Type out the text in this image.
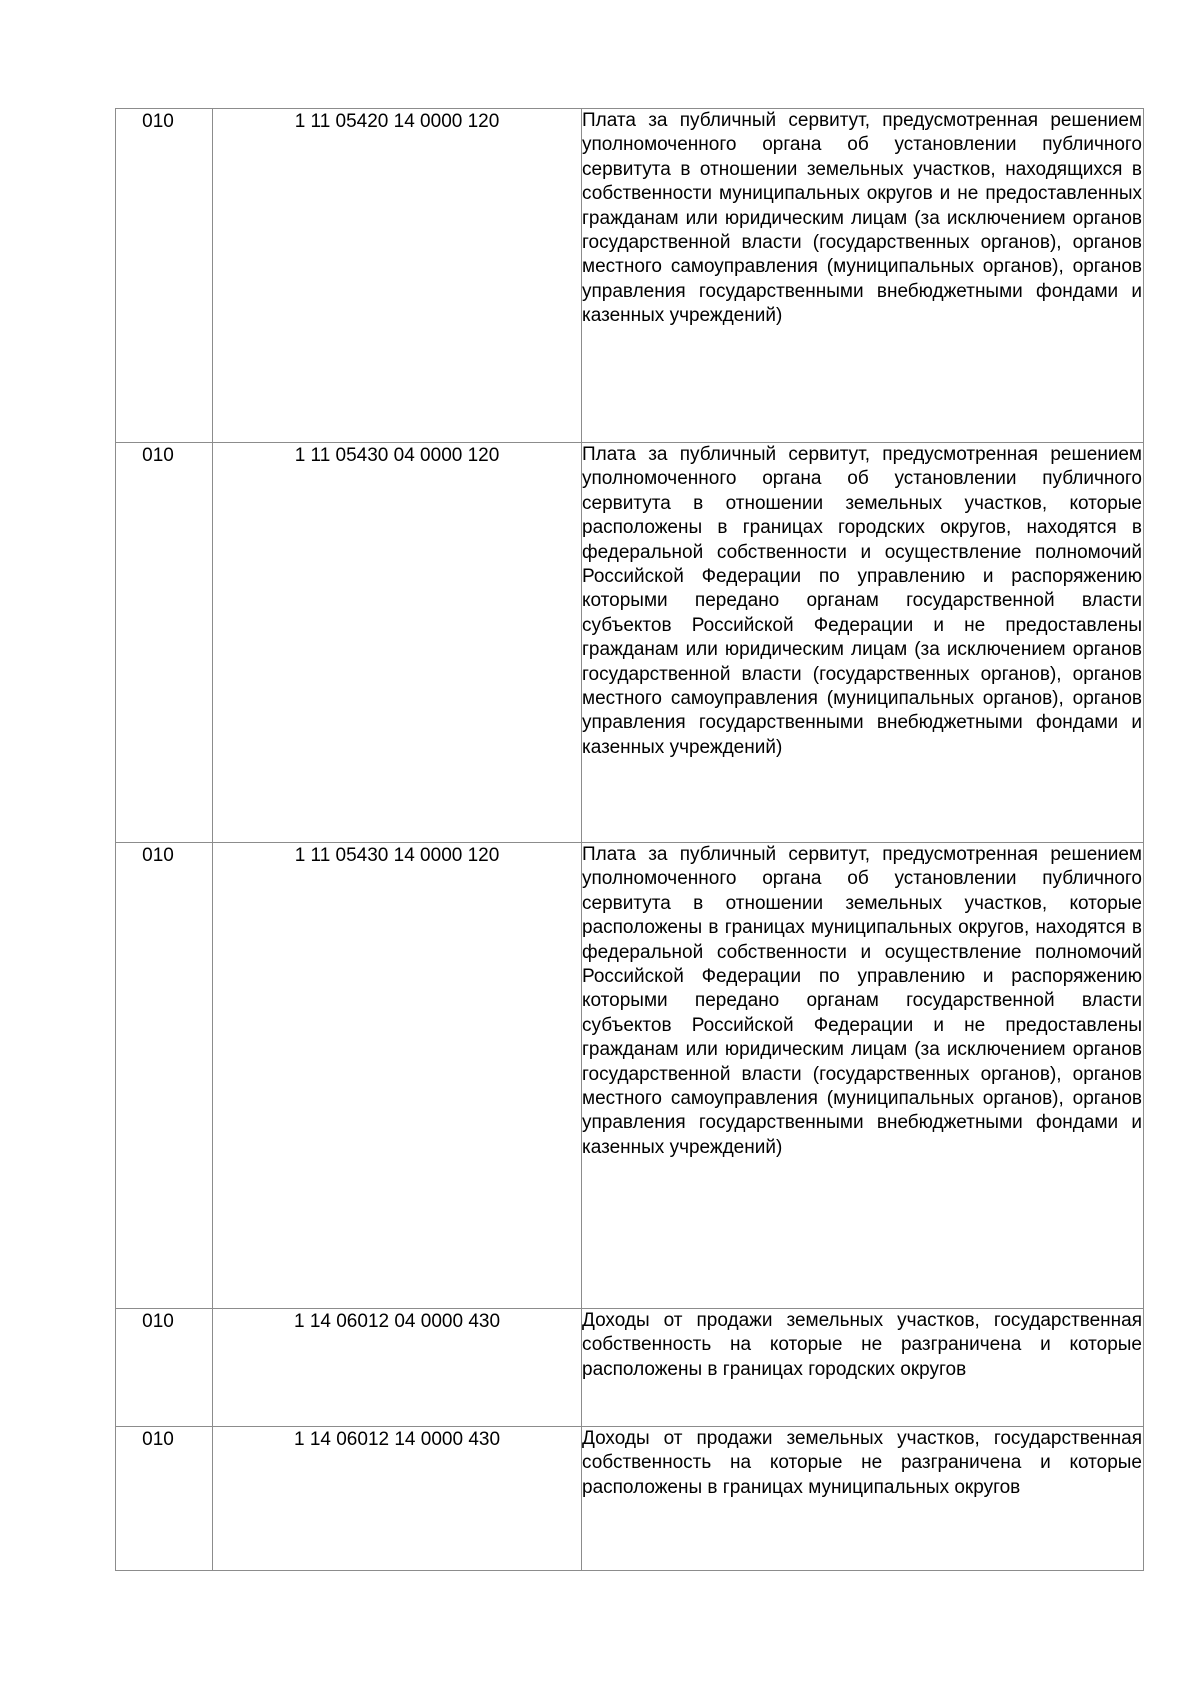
010	1 11 05420 14 0000 120	Плата за публичный сервитут, предусмотренная решением уполномоченного органа об установлении публичного сервитута в отношении земельных участков, находящихся в собственности муниципальных округов и не предоставленных гражданам или юридическим лицам (за исключением органов государственной власти (государственных органов), органов местного самоуправления (муниципальных органов), органов управления государственными внебюджетными фондами и казенных учреждений)

010	1 11 05430 04 0000 120	Плата за публичный сервитут, предусмотренная решением уполномоченного органа об установлении публичного сервитута в отношении земельных участков, которые расположены в границах городских округов, находятся в федеральной собственности и осуществление полномочий Российской Федерации по управлению и распоряжению которыми передано органам государственной власти субъектов Российской Федерации и не предоставлены гражданам или юридическим лицам (за исключением органов государственной власти (государственных органов), органов местного самоуправления (муниципальных органов), органов управления государственными внебюджетными фондами и казенных учреждений)

010	1 11 05430 14 0000 120	Плата за публичный сервитут, предусмотренная решением уполномоченного органа об установлении публичного сервитута в отношении земельных участков, которые расположены в границах муниципальных округов, находятся в федеральной собственности и осуществление полномочий Российской Федерации по управлению и распоряжению которыми передано органам государственной власти субъектов Российской Федерации и не предоставлены гражданам или юридическим лицам (за исключением органов государственной власти (государственных органов), органов местного самоуправления (муниципальных органов), органов управления государственными внебюджетными фондами и казенных учреждений)

010	1 14 06012 04 0000 430	Доходы от продажи земельных участков, государственная собственность на которые не разграничена и которые расположены в границах городских округов

010	1 14 06012 14 0000 430	Доходы от продажи земельных участков, государственная собственность на которые не разграничена и которые расположены в границах муниципальных округов
